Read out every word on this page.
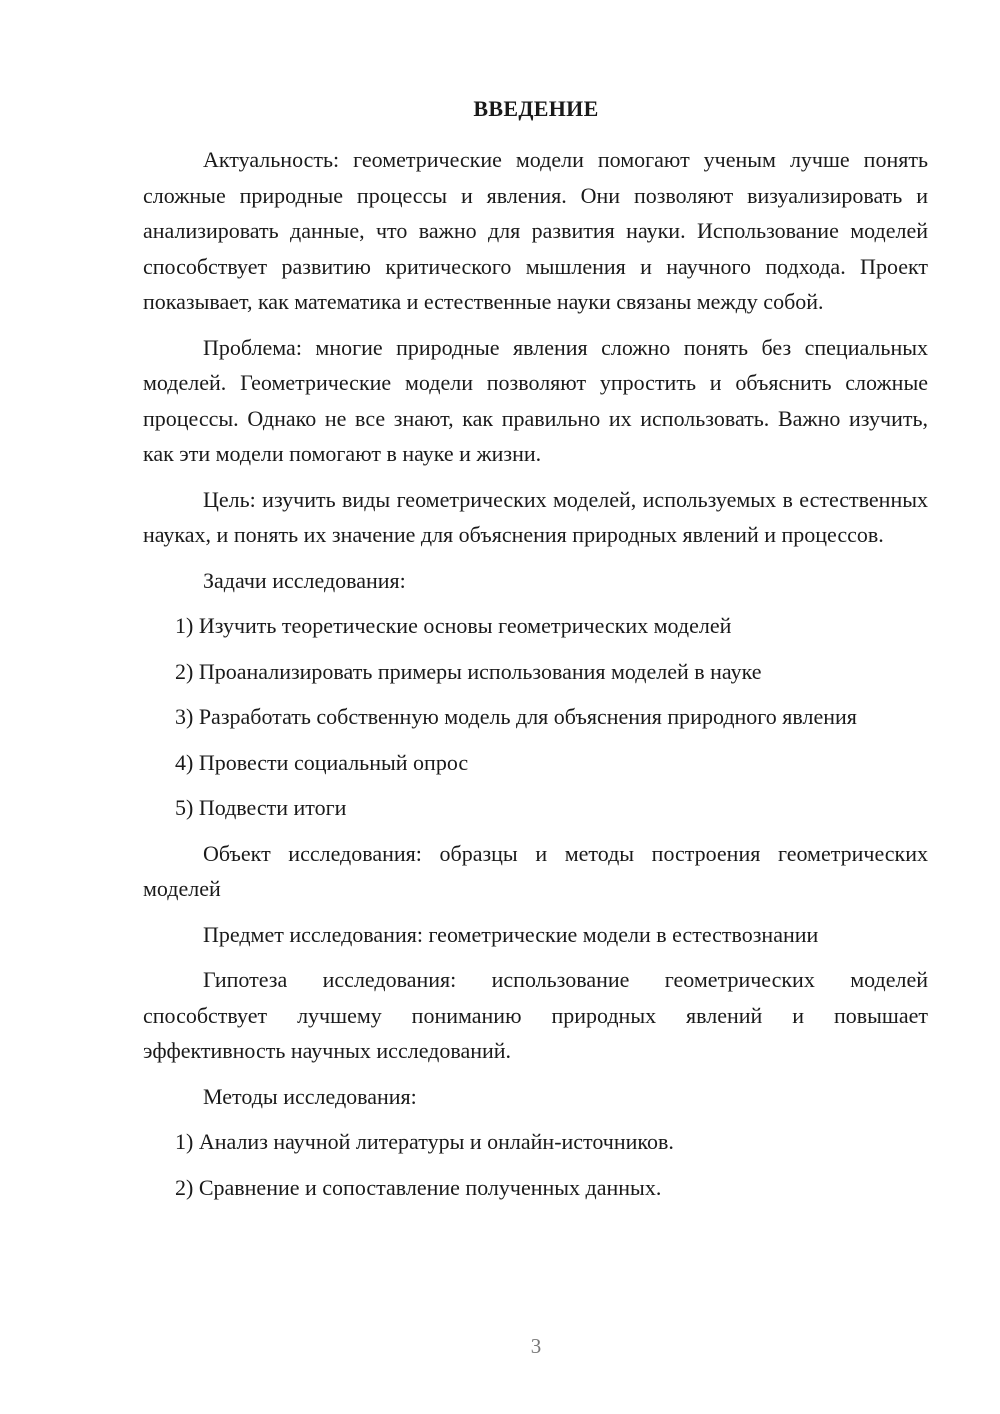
ВВЕДЕНИЕ

Актуальность: геометрические модели помогают ученым лучше понять сложные природные процессы и явления. Они позволяют визуализировать и анализировать данные, что важно для развития науки. Использование моделей способствует развитию критического мышления и научного подхода. Проект показывает, как математика и естественные науки связаны между собой.

Проблема: многие природные явления сложно понять без специальных моделей. Геометрические модели позволяют упростить и объяснить сложные процессы. Однако не все знают, как правильно их использовать. Важно изучить, как эти модели помогают в науке и жизни.

Цель: изучить виды геометрических моделей, используемых в естественных науках, и понять их значение для объяснения природных явлений и процессов.

Задачи исследования:

1) Изучить теоретические основы геометрических моделей

2) Проанализировать примеры использования моделей в науке

3) Разработать собственную модель для объяснения природного явления

4) Провести социальный опрос

5) Подвести итоги

Объект исследования: образцы и методы построения геометрических моделей

Предмет исследования: геометрические модели в естествознании

Гипотеза исследования: использование геометрических моделей способствует лучшему пониманию природных явлений и повышает эффективность научных исследований.

Методы исследования:

1) Анализ научной литературы и онлайн-источников.

2) Сравнение и сопоставление полученных данных.

3
